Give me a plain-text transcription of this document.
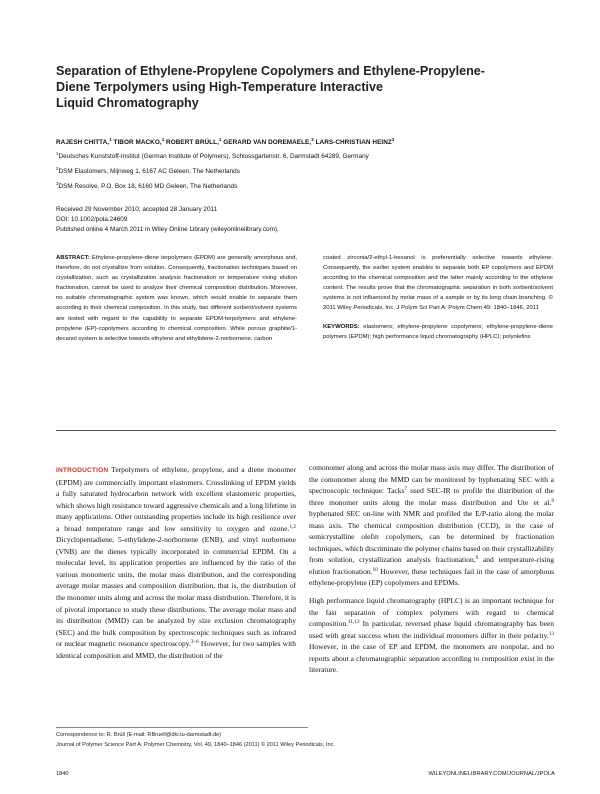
Separation of Ethylene-Propylene Copolymers and Ethylene-Propylene-
Diene Terpolymers using High-Temperature Interactive
Liquid Chromatography
RAJESH CHITTA,$^1$ TIBOR MACKO,$^1$ ROBERT BRÜLL,$^1$ GERARD VAN DOREMAELE,$^2$ LARS-CHRISTIAN HEINZ$^3$
$^1$Deutsches Kunststoff-Institut (German Institute of Polymers), Schlossgartenstr. 6, Darmstadt 64289, Germany
$^2$DSM Elastomers, Mijnweg 1, 6167 AC Geleen, The Netherlands
$^3$DSM Resolve, P.O. Box 18, 6160 MD Geleen, The Netherlands
Received 29 November 2010; accepted 28 January 2011
DOI: 10.1002/pola.24609
Published online 4 March 2011 in Wiley Online Library (wileyonlinelibrary.com).

ABSTRACT: Ethylene-propylene-diene terpolymers (EPDM) are generally amorphous and, therefore, do not crystallize from solution. Consequently, fractionation techniques based on crystallization, such as crystallization analysis fractionation or temperature rising elution fractionation, cannot be used to analyze their chemical composition distribution. Moreover, no suitable chromatographic system was known, which would enable to separate them according to their chemical composition. In this study, two different sorbent/solvent systems are tested with regard to the capability to separate EPDM-terpolymers and ethylene-propylene (EP)-copolymers according to chemical composition. While porous graphite/1-decanol system is selective towards ethylene and ethylidene-2-norbornene, carbon

coated zirconia/2-ethyl-1-hexanol is preferentially selective towards ethylene. Consequently, the earlier system enables to separate both EP copolymers and EPDM according to the chemical composition and the latter mainly according to the ethylene content. The results prove that the chromatographic separation in both sorbent/solvent systems is not influenced by molar mass of a sample or by its long chain branching. © 2011 Wiley Periodicals, Inc. J Polym Sci Part A: Polym Chem 49: 1840–1846, 2011

KEYWORDS: elastomers; ethylene-propylene copolymers; ethylene-propylene-diene polymers (EPDM); high performance liquid chromatography (HPLC); polyolefins

INTRODUCTION Terpolymers of ethylene, propylene, and a diene monomer (EPDM) are commercially important elastomers. Crosslinking of EPDM yields a fully saturated hydrocarbon network with excellent elastomeric properties, which shows high resistance toward aggressive chemicals and a long lifetime in many applications. Other outstanding properties include its high resilience over a broad temperature range and low sensitivity to oxygen and ozone.$^{1,2}$ Dicyclopentadiene, 5-ethylidene-2-norbornene (ENB), and vinyl norbornene (VNB) are the dienes typically incorporated in commercial EPDM. On a molecular level, its application properties are influenced by the ratio of the various monomeric units, the molar mass distribution, and the corresponding average molar masses and composition distribution, that is, the distribution of the monomer units along and across the molar mass distribution. Therefore, it is of pivotal importance to study these distributions. The average molar mass and its distribution (MMD) can be analyzed by size exclusion chromatography (SEC) and the bulk composition by spectroscopic techniques such as infrared or nuclear magnetic resonance spectroscopy.$^{3-6}$ However, for two samples with identical composition and MMD, the distribution of the

comonomer along and across the molar mass axis may differ. The distribution of the comonomer along the MMD can be monitored by hyphenating SEC with a spectroscopic technique: Tacks$^7$ used SEC-IR to profile the distribution of the three monomer units along the molar mass distribution and Ute et al.$^8$ hyphenated SEC on-line with NMR and profiled the E/P-ratio along the molar mass axis. The chemical composition distribution (CCD), in the case of semicrystalline olefin copolymers, can be determined by fractionation techniques, which discriminate the polymer chains based on their crystallizability from solution, crystallization analysis fractionation,$^9$ and temperature-rising elution fractionation.$^{10}$ However, these techniques fail in the case of amorphous ethylene-propylene (EP) copolymers and EPDMs.

High performance liquid chromatography (HPLC) is an important technique for the fast separation of complex polymers with regard to chemical composition.$^{11,12}$ In particular, reversed phase liquid chromatography has been used with great success when the individual monomers differ in their polarity.$^{13}$ However, in the case of EP and EPDM, the monomers are nonpolar, and no reports about a chromatographic separation according to composition exist in the literature.

Correspondence to: R. Brüll (E-mail: RBruell@dki.tu-darmstadt.de)
Journal of Polymer Science Part A: Polymer Chemistry, Vol. 49, 1840–1846 (2011) © 2011 Wiley Periodicals, Inc.
1840	WILEYONLINELIBRARY.COM/JOURNAL/JPOLA
